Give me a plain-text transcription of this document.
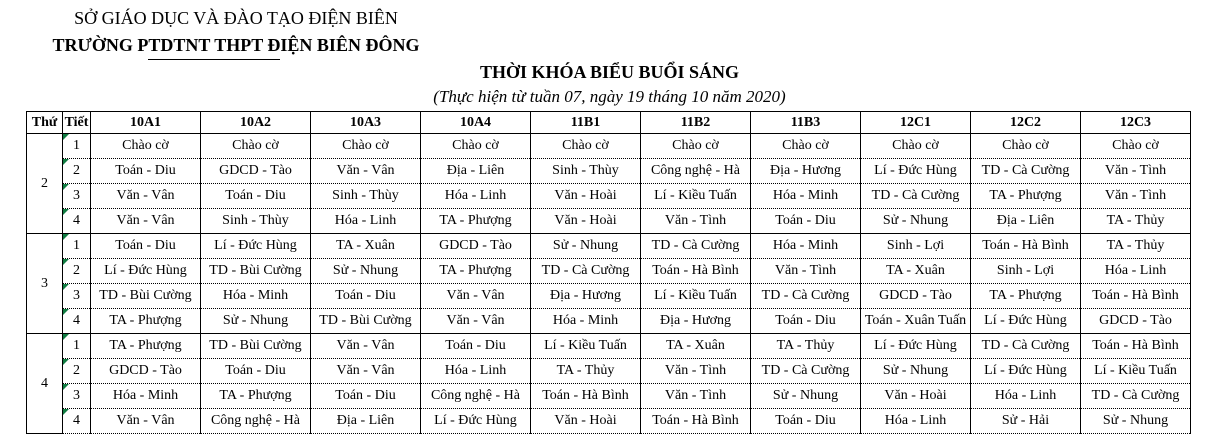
SỞ GIÁO DỤC VÀ ĐÀO TẠO ĐIỆN BIÊN
TRƯỜNG PTDTNT THPT ĐIỆN BIÊN ĐÔNG
THỜI KHÓA BIỂU BUỔI SÁNG
(Thực hiện từ tuần 07, ngày 19 tháng 10 năm 2020)
Thứ	Tiết	10A1	10A2	10A3	10A4	11B1	11B2	11B3	12C1	12C2	12C3
2	1	Chào cờ	Chào cờ	Chào cờ	Chào cờ	Chào cờ	Chào cờ	Chào cờ	Chào cờ	Chào cờ	Chào cờ
	2	Toán - Diu	GDCD - Tào	Văn - Vân	Địa - Liên	Sinh - Thùy	Công nghệ - Hà	Địa - Hương	Lí - Đức Hùng	TD - Cà Cường	Văn - Tình
	3	Văn - Vân	Toán - Diu	Sinh - Thùy	Hóa - Linh	Văn - Hoài	Lí - Kiều Tuấn	Hóa - Minh	TD - Cà Cường	TA - Phượng	Văn - Tình
	4	Văn - Vân	Sinh - Thùy	Hóa - Linh	TA - Phượng	Văn - Hoài	Văn - Tình	Toán - Diu	Sử - Nhung	Địa - Liên	TA - Thủy
3	1	Toán - Diu	Lí - Đức Hùng	TA - Xuân	GDCD - Tào	Sử - Nhung	TD - Cà Cường	Hóa - Minh	Sinh - Lợi	Toán - Hà Bình	TA - Thủy
	2	Lí - Đức Hùng	TD - Bùi Cường	Sử - Nhung	TA - Phượng	TD - Cà Cường	Toán - Hà Bình	Văn - Tình	TA - Xuân	Sinh - Lợi	Hóa - Linh
	3	TD - Bùi Cường	Hóa - Minh	Toán - Diu	Văn - Vân	Địa - Hương	Lí - Kiều Tuấn	TD - Cà Cường	GDCD - Tào	TA - Phượng	Toán - Hà Bình
	4	TA - Phượng	Sử - Nhung	TD - Bùi Cường	Văn - Vân	Hóa - Minh	Địa - Hương	Toán - Diu	Toán - Xuân Tuấn	Lí - Đức Hùng	GDCD - Tào
4	1	TA - Phượng	TD - Bùi Cường	Văn - Vân	Toán - Diu	Lí - Kiều Tuấn	TA - Xuân	TA - Thủy	Lí - Đức Hùng	TD - Cà Cường	Toán - Hà Bình
	2	GDCD - Tào	Toán - Diu	Văn - Vân	Hóa - Linh	TA - Thủy	Văn - Tình	TD - Cà Cường	Sử - Nhung	Lí - Đức Hùng	Lí - Kiều Tuấn
	3	Hóa - Minh	TA - Phượng	Toán - Diu	Công nghệ - Hà	Toán - Hà Bình	Văn - Tình	Sử - Nhung	Văn - Hoài	Hóa - Linh	TD - Cà Cường
	4	Văn - Vân	Công nghệ - Hà	Địa - Liên	Lí - Đức Hùng	Văn - Hoài	Toán - Hà Bình	Toán - Diu	Hóa - Linh	Sử - Hải	Sử - Nhung
